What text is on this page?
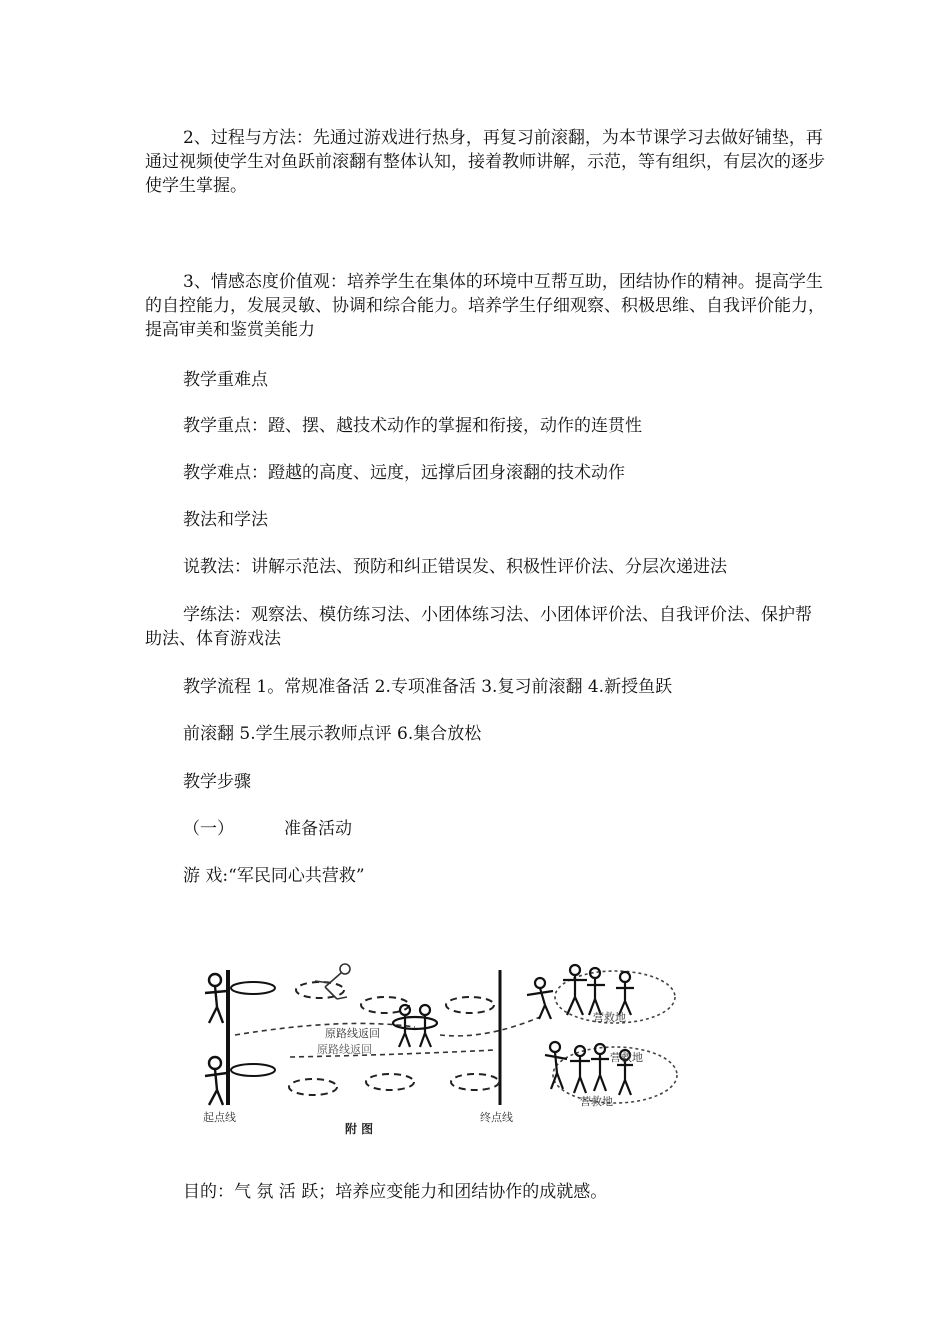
2、过程与方法：先通过游戏进行热身，再复习前滚翻，为本节课学习去做好铺垫，再通过视频使学生对鱼跃前滚翻有整体认知，接着教师讲解，示范，等有组织，有层次的逐步使学生掌握。

3、情感态度价值观：培养学生在集体的环境中互帮互助，团结协作的精神。提高学生的自控能力，发展灵敏、协调和综合能力。培养学生仔细观察、积极思维、自我评价能力，提高审美和鉴赏美能力

教学重难点

教学重点：蹬、摆、越技术动作的掌握和衔接，动作的连贯性

教学难点：蹬越的高度、远度，远撑后团身滚翻的技术动作

教法和学法

说教法：讲解示范法、预防和纠正错误发、积极性评价法、分层次递进法

学练法：观察法、模仿练习法、小团体练习法、小团体评价法、自我评价法、保护帮助法、体育游戏法

教学流程 1。常规准备活 2.专项准备活 3.复习前滚翻 4.新授鱼跃

前滚翻 5.学生展示教师点评 6.集合放松

教学步骤

（一）	准备活动

游 戏:“军民同心共营救”

原路线返回
原路线返回
营救地
营救地
营救地
起点线	终点线
附 图

目的：气 氛 活 跃；培养应变能力和团结协作的成就感。
